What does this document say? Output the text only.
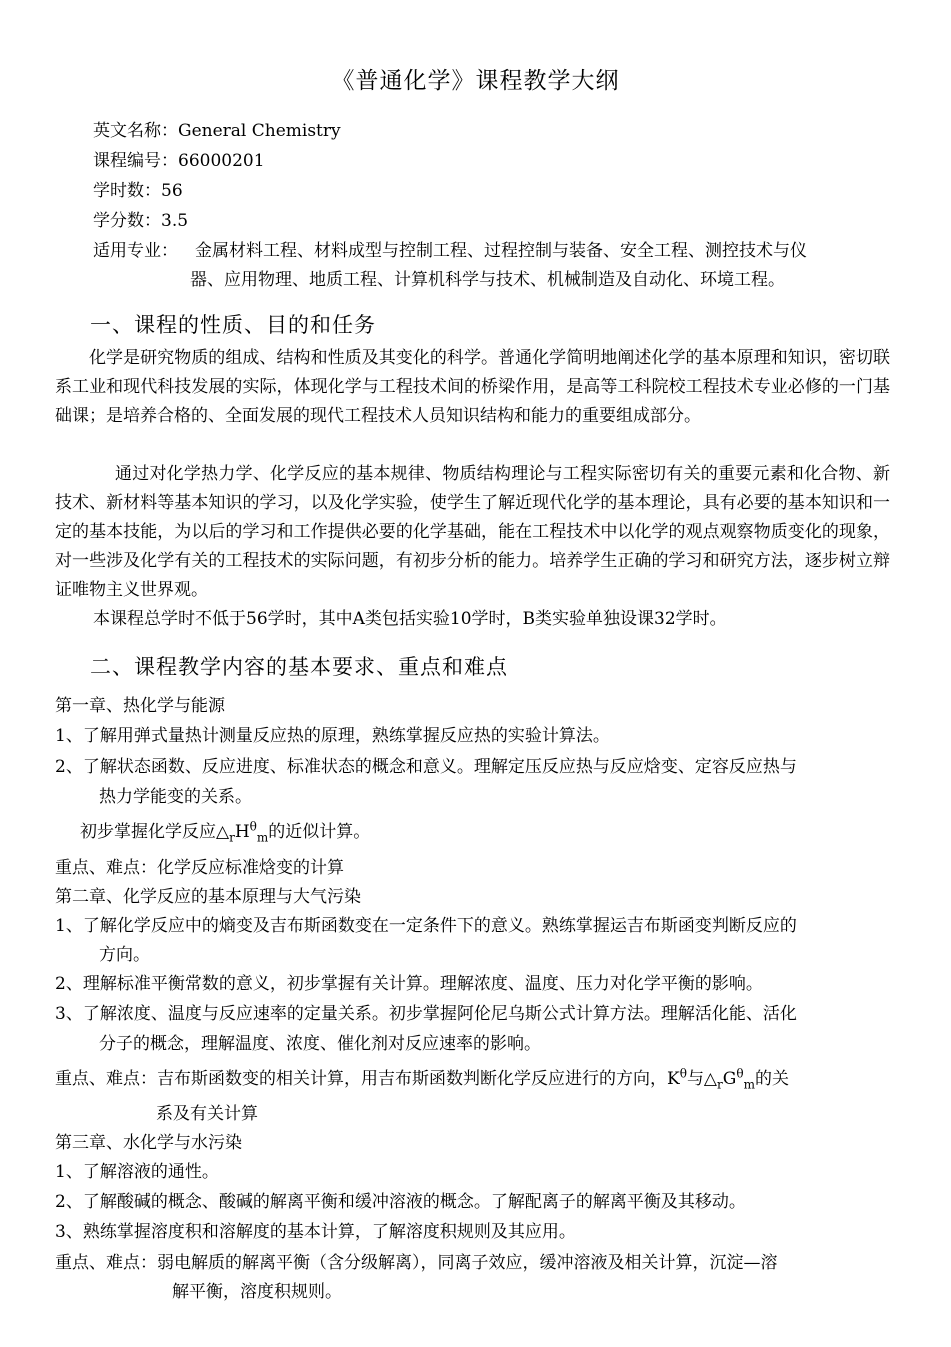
《普通化学》课程教学大纲
英文名称：General Chemistry
课程编号：66000201
学时数：56
学分数：3.5
适用专业： 金属材料工程、材料成型与控制工程、过程控制与装备、安全工程、测控技术与仪
器、应用物理、地质工程、计算机科学与技术、机械制造及自动化、环境工程。
一、课程的性质、目的和任务
化学是研究物质的组成、结构和性质及其变化的科学。普通化学简明地阐述化学的基本原理和知识，密切联系工业和现代科技发展的实际，体现化学与工程技术间的桥梁作用，是高等工科院校工程技术专业必修的一门基础课；是培养合格的、全面发展的现代工程技术人员知识结构和能力的重要组成部分。
通过对化学热力学、化学反应的基本规律、物质结构理论与工程实际密切有关的重要元素和化合物、新技术、新材料等基本知识的学习，以及化学实验，使学生了解近现代化学的基本理论，具有必要的基本知识和一定的基本技能，为以后的学习和工作提供必要的化学基础，能在工程技术中以化学的观点观察物质变化的现象，对一些涉及化学有关的工程技术的实际问题，有初步分析的能力。培养学生正确的学习和研究方法，逐步树立辩证唯物主义世界观。
本课程总学时不低于56学时，其中A类包括实验10学时，B类实验单独设课32学时。
二、课程教学内容的基本要求、重点和难点
第一章、热化学与能源
1、了解用弹式量热计测量反应热的原理，熟练掌握反应热的实验计算法。
2、了解状态函数、反应进度、标准状态的概念和意义。理解定压反应热与反应焓变、定容反应热与
热力学能变的关系。
初步掌握化学反应$\triangle_rH^\theta_m$的近似计算。
重点、难点：化学反应标准焓变的计算
第二章、化学反应的基本原理与大气污染
1、了解化学反应中的熵变及吉布斯函数变在一定条件下的意义。熟练掌握运吉布斯函变判断反应的
方向。
2、理解标准平衡常数的意义，初步掌握有关计算。理解浓度、温度、压力对化学平衡的影响。
3、了解浓度、温度与反应速率的定量关系。初步掌握阿伦尼乌斯公式计算方法。理解活化能、活化
分子的概念，理解温度、浓度、催化剂对反应速率的影响。
重点、难点：吉布斯函数变的相关计算，用吉布斯函数判断化学反应进行的方向，$K^\theta$与$\triangle_rG^\theta_m$的关
系及有关计算
第三章、水化学与水污染
1、了解溶液的通性。
2、了解酸碱的概念、酸碱的解离平衡和缓冲溶液的概念。了解配离子的解离平衡及其移动。
3、熟练掌握溶度积和溶解度的基本计算，了解溶度积规则及其应用。
重点、难点：弱电解质的解离平衡（含分级解离），同离子效应，缓冲溶液及相关计算，沉淀—溶
解平衡，溶度积规则。
